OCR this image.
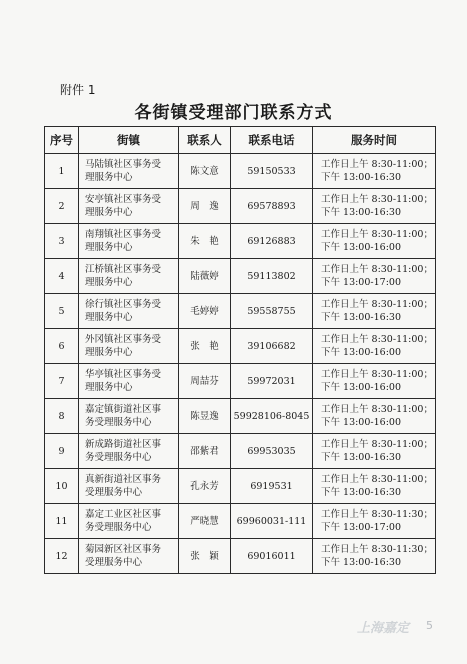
附件 1
各街镇受理部门联系方式
序号	街镇	联系人	联系电话	服务时间

1	马陆镇社区事务受
理服务中心	陈文意	59150533	工作日上午 8:30-11:00；
下午 13:00-16:30

2	安亭镇社区事务受
理服务中心	周　逸	69578893	工作日上午 8:30-11:00；
下午 13:00-16:30

3	南翔镇社区事务受
理服务中心	朱　艳	69126883	工作日上午 8:30-11:00；
下午 13:00-16:00

4	江桥镇社区事务受
理服务中心	陆薇婷	59113802	工作日上午 8:30-11:00；
下午 13:00-17:00

5	徐行镇社区事务受
理服务中心	毛婷婷	59558755	工作日上午 8:30-11:00；
下午 13:00-16:30

6	外冈镇社区事务受
理服务中心	张　艳	39106682	工作日上午 8:30-11:00；
下午 13:00-16:00

7	华亭镇社区事务受
理服务中心	周喆芬	59972031	工作日上午 8:30-11:00；
下午 13:00-16:00

8	嘉定镇街道社区事
务受理服务中心	陈昱逸	59928106-8045	工作日上午 8:30-11:00；
下午 13:00-16:00

9	新成路街道社区事
务受理服务中心	邵紫君	69953035	工作日上午 8:30-11:00；
下午 13:00-16:30

10	真新街道社区事务
受理服务中心	孔永芳	6919531	工作日上午 8:30-11:00；
下午 13:00-16:30

11	嘉定工业区社区事
务受理服务中心	严晓慧	69960031-111	工作日上午 8:30-11:30；
下午 13:00-17:00

12	菊园新区社区事务
受理服务中心	张　颖	69016011	工作日上午 8:30-11:30；
下午 13:00-16:30
上海嘉定 5
